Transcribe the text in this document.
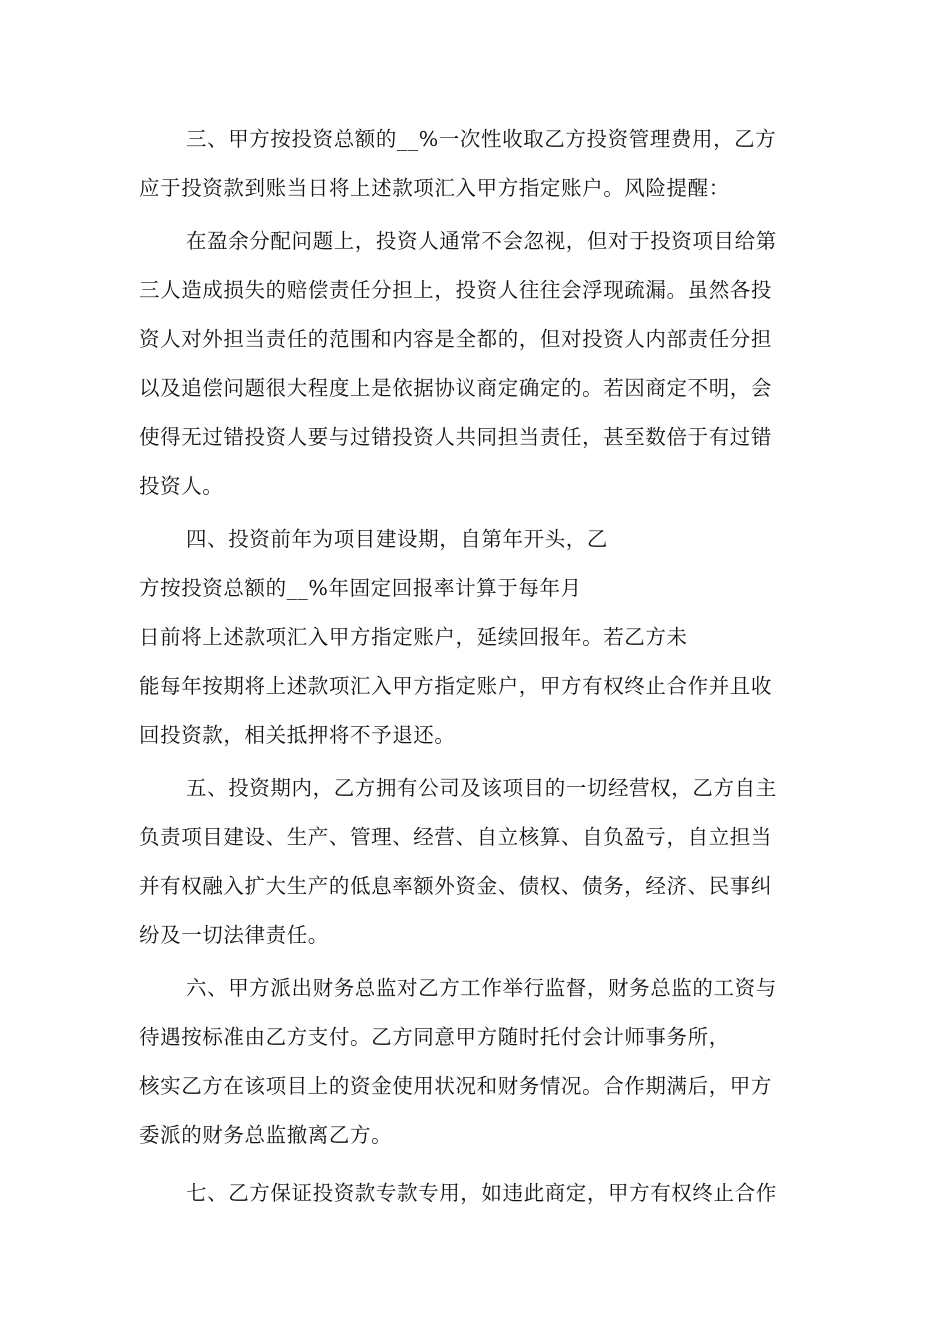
三、甲方按投资总额的__%一次性收取乙方投资管理费用，乙方
应于投资款到账当日将上述款项汇入甲方指定账户。风险提醒：
在盈余分配问题上，投资人通常不会忽视，但对于投资项目给第
三人造成损失的赔偿责任分担上，投资人往往会浮现疏漏。虽然各投
资人对外担当责任的范围和内容是全都的，但对投资人内部责任分担
以及追偿问题很大程度上是依据协议商定确定的。若因商定不明，会
使得无过错投资人要与过错投资人共同担当责任，甚至数倍于有过错
投资人。
四、投资前年为项目建设期，自第年开头，乙
方按投资总额的__%年固定回报率计算于每年月
日前将上述款项汇入甲方指定账户，延续回报年。若乙方未
能每年按期将上述款项汇入甲方指定账户，甲方有权终止合作并且收
回投资款，相关抵押将不予退还。
五、投资期内，乙方拥有公司及该项目的一切经营权，乙方自主
负责项目建设、生产、管理、经营、自立核算、自负盈亏，自立担当
并有权融入扩大生产的低息率额外资金、债权、债务，经济、民事纠
纷及一切法律责任。
六、甲方派出财务总监对乙方工作举行监督，财务总监的工资与
待遇按标准由乙方支付。乙方同意甲方随时托付会计师事务所，
核实乙方在该项目上的资金使用状况和财务情况。合作期满后，甲方
委派的财务总监撤离乙方。
七、乙方保证投资款专款专用，如违此商定，甲方有权终止合作
